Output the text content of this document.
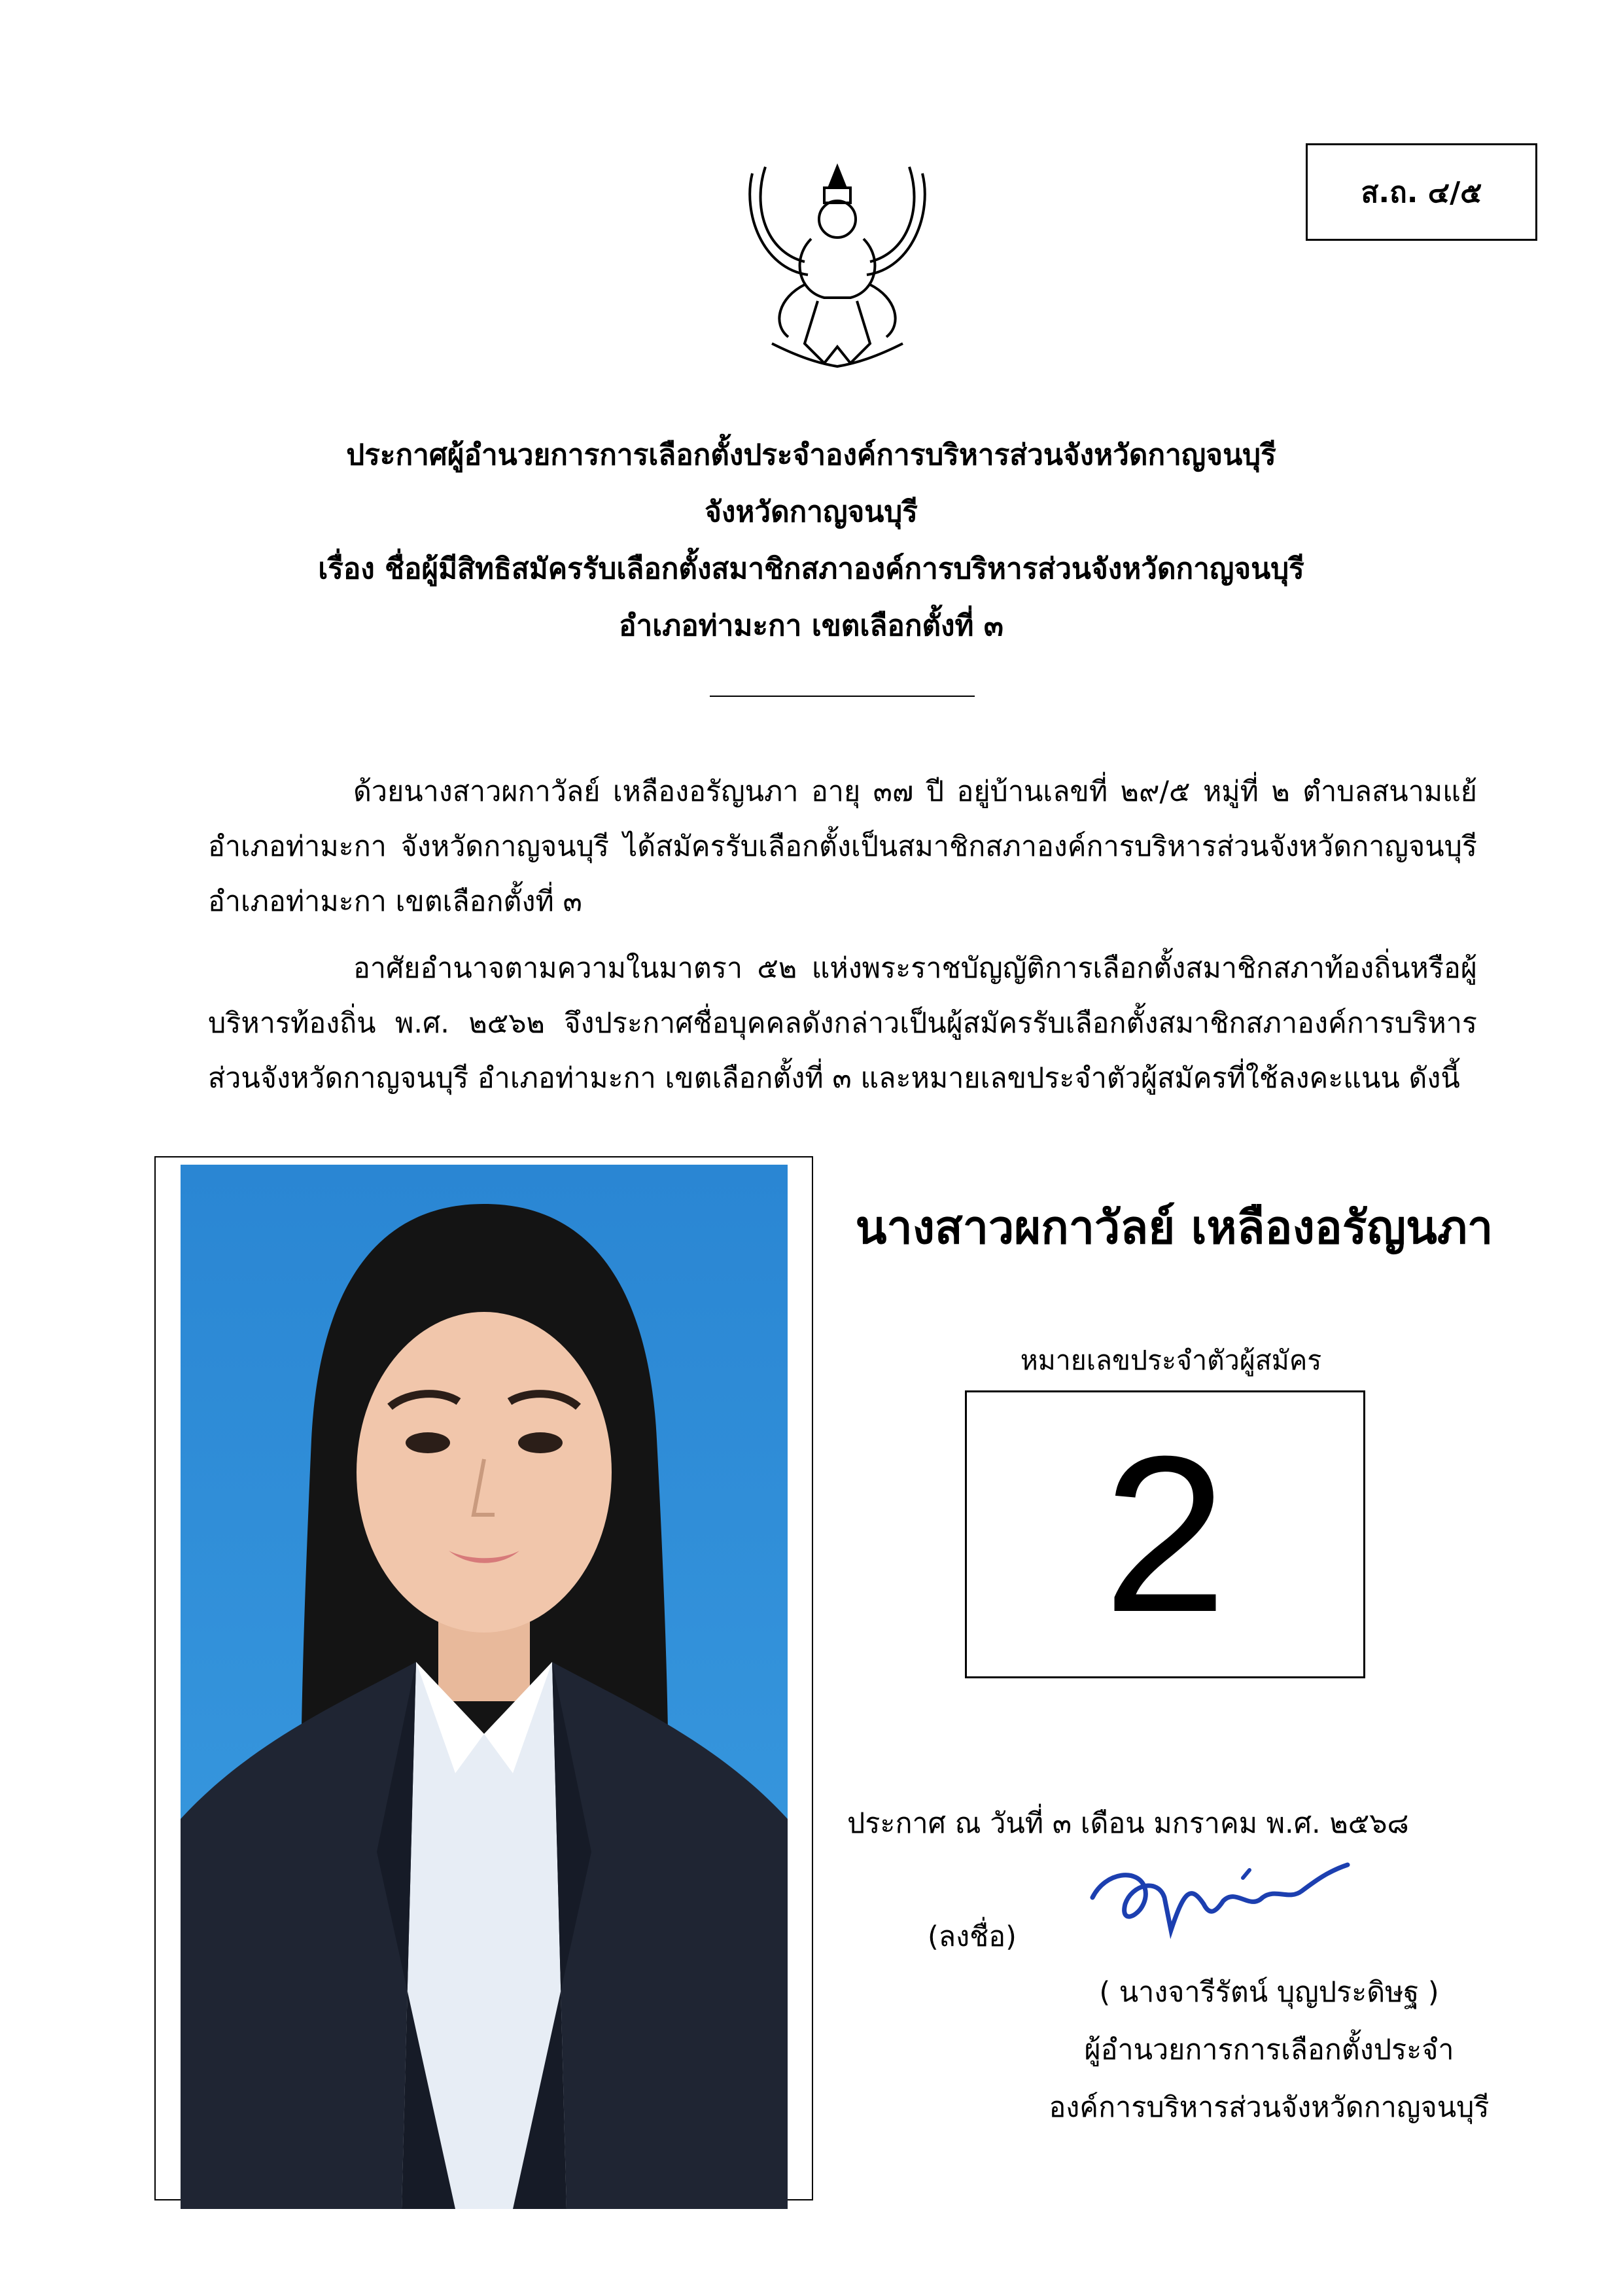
ส.ถ. ๔/๕
ประกาศผู้อำนวยการการเลือกตั้งประจำองค์การบริหารส่วนจังหวัดกาญจนบุรี
จังหวัดกาญจนบุรี
เรื่อง ชื่อผู้มีสิทธิสมัครรับเลือกตั้งสมาชิกสภาองค์การบริหารส่วนจังหวัดกาญจนบุรี
อำเภอท่ามะกา เขตเลือกตั้งที่ ๓

ด้วยนางสาวผกาวัลย์ เหลืองอรัญนภา อายุ ๓๗ ปี อยู่บ้านเลขที่ ๒๙/๕ หมู่ที่ ๒ ตำบลสนามแย้ อำเภอท่ามะกา จังหวัดกาญจนบุรี ได้สมัครรับเลือกตั้งเป็นสมาชิกสภาองค์การบริหารส่วนจังหวัดกาญจนบุรี อำเภอท่ามะกา เขตเลือกตั้งที่ ๓

อาศัยอำนาจตามความในมาตรา ๕๒ แห่งพระราชบัญญัติการเลือกตั้งสมาชิกสภาท้องถิ่นหรือผู้บริหารท้องถิ่น พ.ศ. ๒๕๖๒ จึงประกาศชื่อบุคคลดังกล่าวเป็นผู้สมัครรับเลือกตั้งสมาชิกสภาองค์การบริหารส่วนจังหวัดกาญจนบุรี อำเภอท่ามะกา เขตเลือกตั้งที่ ๓ และหมายเลขประจำตัวผู้สมัครที่ใช้ลงคะแนน ดังนี้

นางสาวผกาวัลย์ เหลืองอรัญนภา
หมายเลขประจำตัวผู้สมัคร
2
ประกาศ ณ วันที่ ๓ เดือน มกราคม พ.ศ. ๒๕๖๘
(ลงชื่อ)
( นางจารีรัตน์ บุญประดิษฐ )
ผู้อำนวยการการเลือกตั้งประจำ
องค์การบริหารส่วนจังหวัดกาญจนบุรี
